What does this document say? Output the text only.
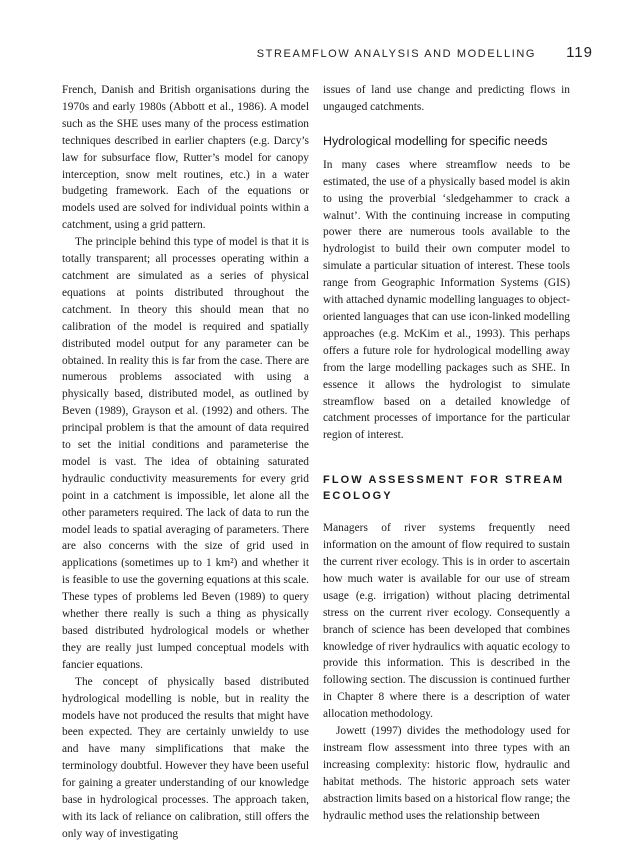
STREAMFLOW ANALYSIS AND MODELLING 119

French, Danish and British organisations during the 1970s and early 1980s (Abbott et al., 1986). A model such as the SHE uses many of the process estimation techniques described in earlier chapters (e.g. Darcy’s law for subsurface flow, Rutter’s model for canopy interception, snow melt routines, etc.) in a water budgeting framework. Each of the equations or models used are solved for individual points within a catchment, using a grid pattern.

The principle behind this type of model is that it is totally transparent; all processes operating within a catchment are simulated as a series of physical equations at points distributed throughout the catchment. In theory this should mean that no calibration of the model is required and spatially distributed model output for any parameter can be obtained. In reality this is far from the case. There are numerous problems associated with using a physically based, distributed model, as outlined by Beven (1989), Grayson et al. (1992) and others. The principal problem is that the amount of data required to set the initial conditions and parameterise the model is vast. The idea of obtaining saturated hydraulic conductivity measurements for every grid point in a catchment is impossible, let alone all the other parameters required. The lack of data to run the model leads to spatial averaging of parameters. There are also concerns with the size of grid used in applications (sometimes up to 1 km²) and whether it is feasible to use the governing equations at this scale. These types of problems led Beven (1989) to query whether there really is such a thing as physically based distributed hydrological models or whether they are really just lumped conceptual models with fancier equations.

The concept of physically based distributed hydrological modelling is noble, but in reality the models have not produced the results that might have been expected. They are certainly unwieldy to use and have many simplifications that make the terminology doubtful. However they have been useful for gaining a greater understanding of our knowledge base in hydrological processes. The approach taken, with its lack of reliance on calibration, still offers the only way of investigating

issues of land use change and predicting flows in ungauged catchments.

Hydrological modelling for specific needs

In many cases where streamflow needs to be estimated, the use of a physically based model is akin to using the proverbial ‘sledgehammer to crack a walnut’. With the continuing increase in computing power there are numerous tools available to the hydrologist to build their own computer model to simulate a particular situation of interest. These tools range from Geographic Information Systems (GIS) with attached dynamic modelling languages to object-oriented languages that can use icon-linked modelling approaches (e.g. McKim et al., 1993). This perhaps offers a future role for hydrological modelling away from the large modelling packages such as SHE. In essence it allows the hydrologist to simulate streamflow based on a detailed knowledge of catchment processes of importance for the particular region of interest.

FLOW ASSESSMENT FOR STREAM ECOLOGY

Managers of river systems frequently need information on the amount of flow required to sustain the current river ecology. This is in order to ascertain how much water is available for our use of stream usage (e.g. irrigation) without placing detrimental stress on the current river ecology. Consequently a branch of science has been developed that combines knowledge of river hydraulics with aquatic ecology to provide this information. This is described in the following section. The discussion is continued further in Chapter 8 where there is a description of water allocation methodology.

Jowett (1997) divides the methodology used for instream flow assessment into three types with an increasing complexity: historic flow, hydraulic and habitat methods. The historic approach sets water abstraction limits based on a historical flow range; the hydraulic method uses the relationship between
